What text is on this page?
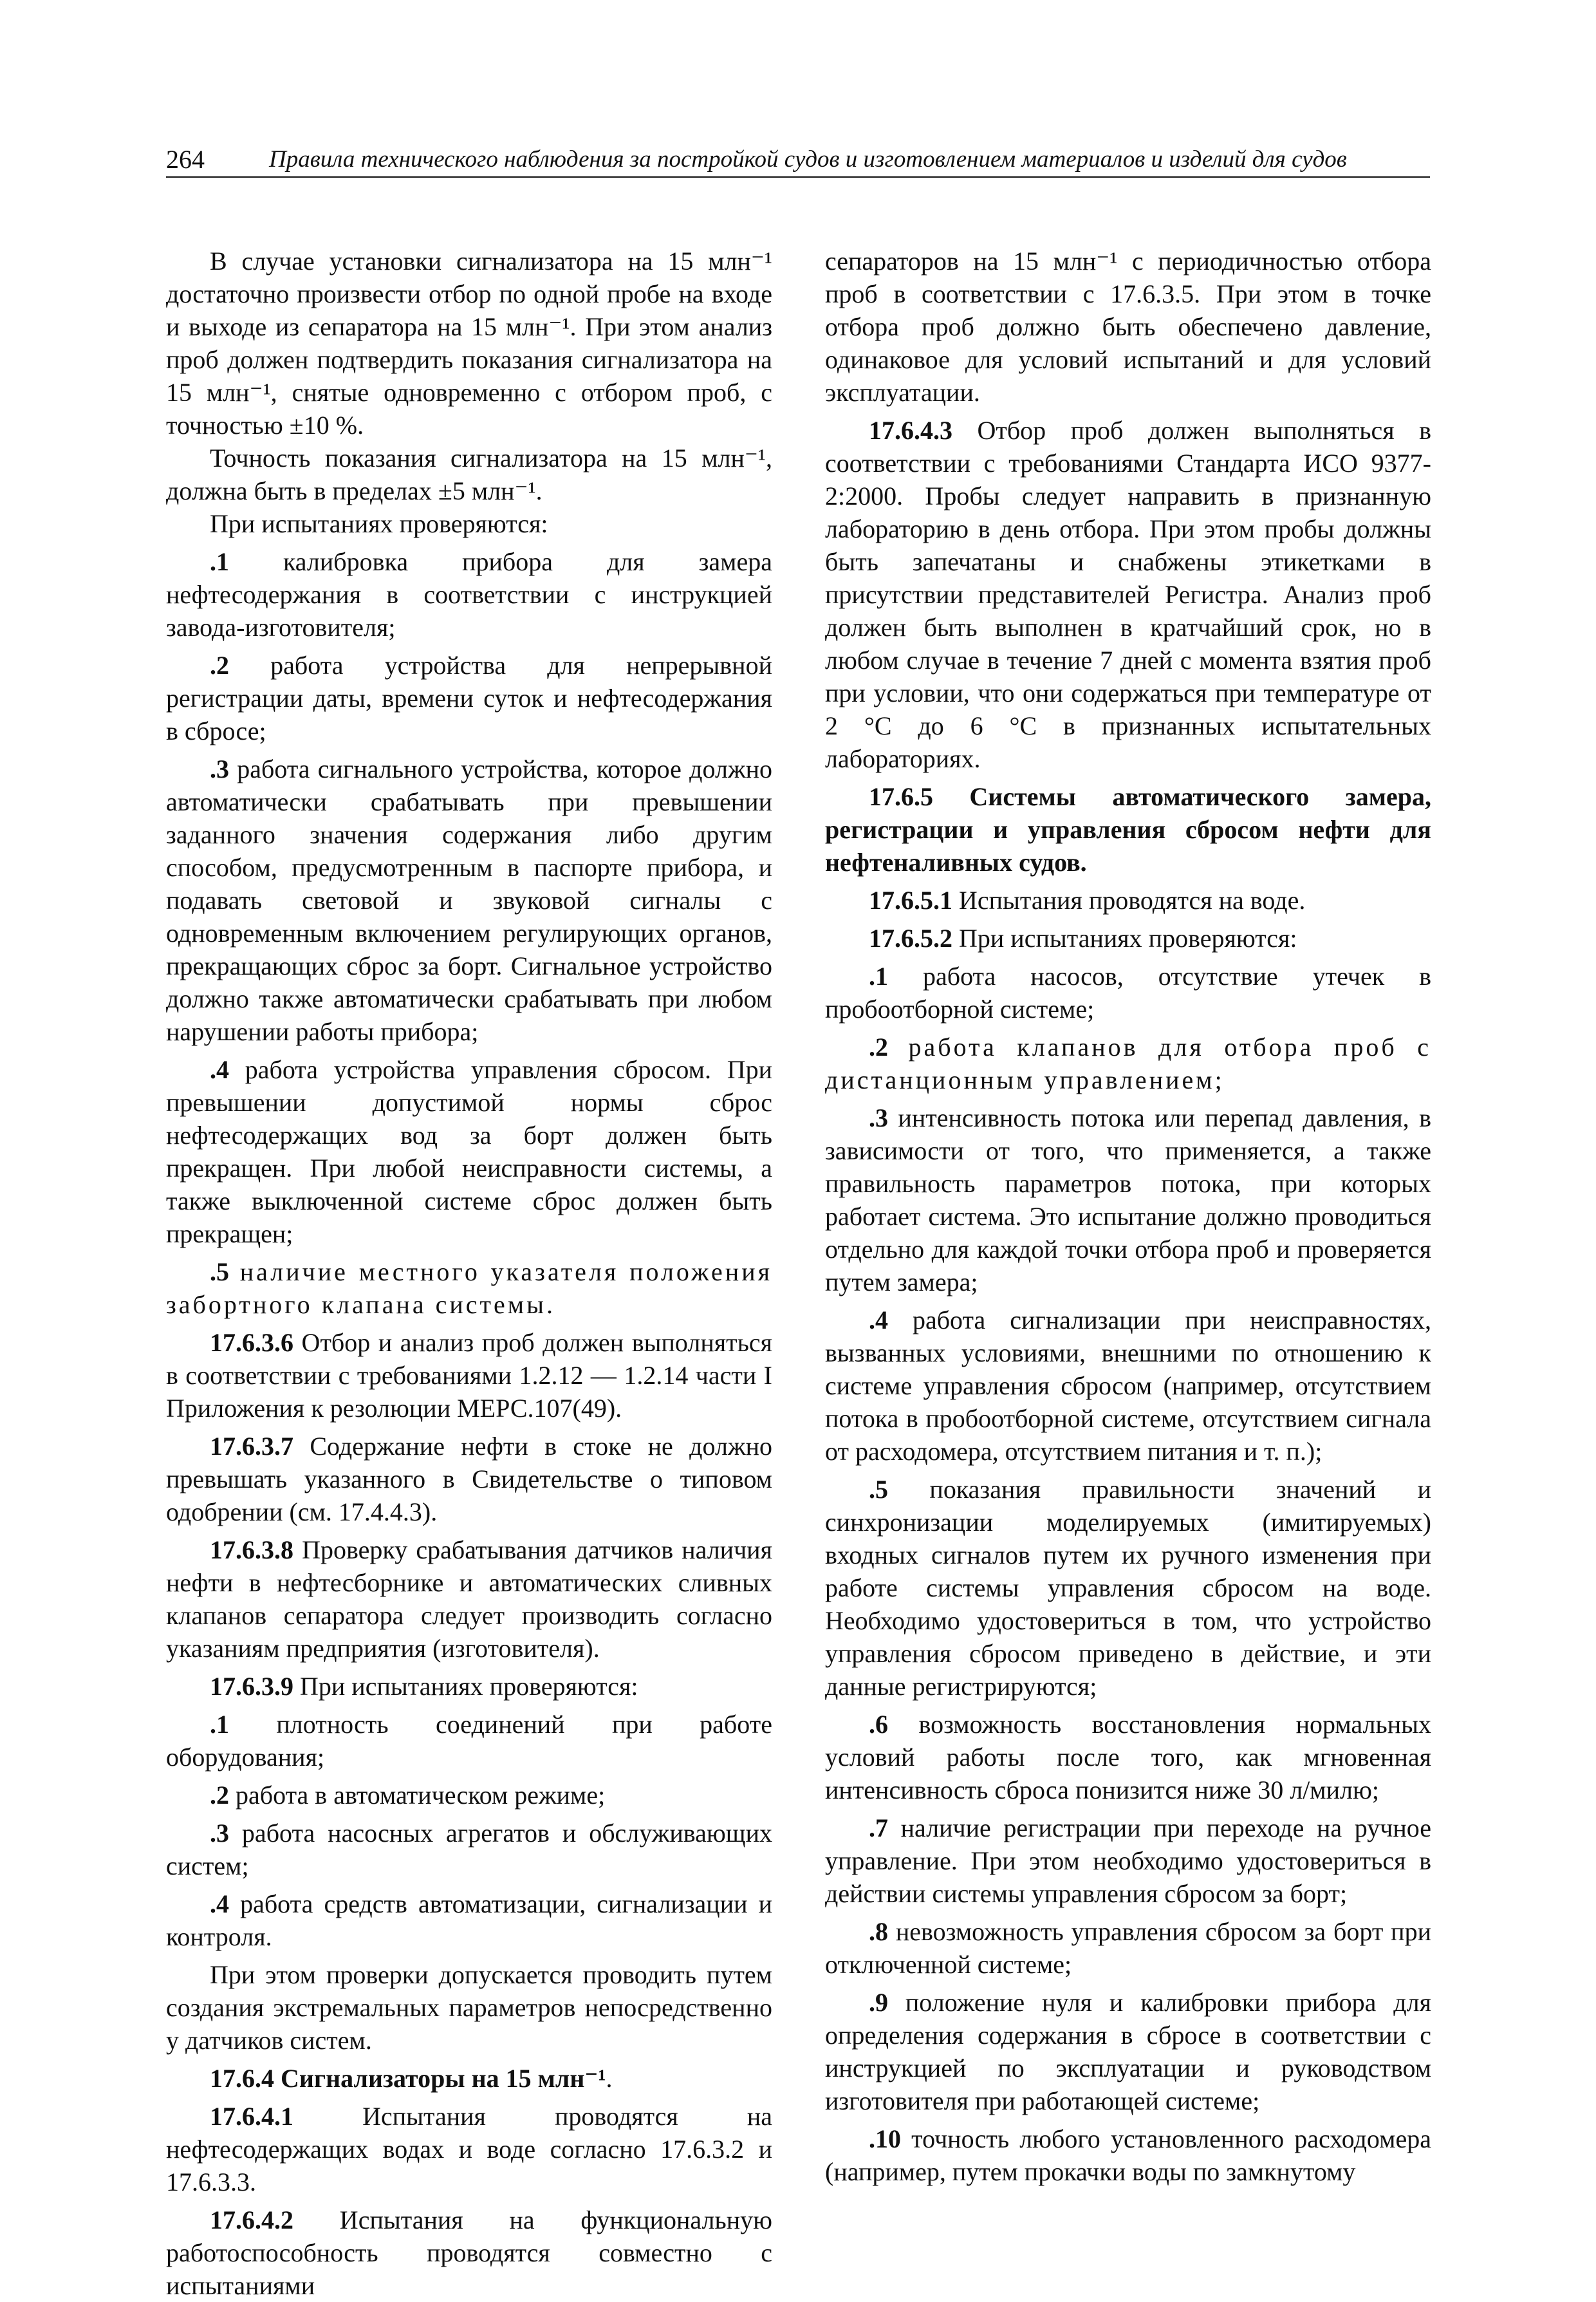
264	Правила технического наблюдения за постройкой судов и изготовлением материалов и изделий для судов

В случае установки сигнализатора на 15 млн⁻¹ достаточно произвести отбор по одной пробе на входе и выходе из сепаратора на 15 млн⁻¹. При этом анализ проб должен подтвердить показания сигнализатора на 15 млн⁻¹, снятые одновременно с отбором проб, с точностью ±10 %.

Точность показания сигнализатора на 15 млн⁻¹, должна быть в пределах ±5 млн⁻¹.

При испытаниях проверяются:

.1 калибровка прибора для замера нефтесодержания в соответствии с инструкцией завода-изготовителя;

.2 работа устройства для непрерывной регистрации даты, времени суток и нефтесодержания в сбросе;

.3 работа сигнального устройства, которое должно автоматически срабатывать при превышении заданного значения содержания либо другим способом, предусмотренным в паспорте прибора, и подавать световой и звуковой сигналы с одновременным включением регулирующих органов, прекращающих сброс за борт. Сигнальное устройство должно также автоматически срабатывать при любом нарушении работы прибора;

.4 работа устройства управления сбросом. При превышении допустимой нормы сброс нефтесодержащих вод за борт должен быть прекращен. При любой неисправности системы, а также выключенной системе сброс должен быть прекращен;

.5 наличие местного указателя положения забортного клапана системы.

17.6.3.6 Отбор и анализ проб должен выполняться в соответствии с требованиями 1.2.12 — 1.2.14 части I Приложения к резолюции МЕРС.107(49).

17.6.3.7 Содержание нефти в стоке не должно превышать указанного в Свидетельстве о типовом одобрении (см. 17.4.4.3).

17.6.3.8 Проверку срабатывания датчиков наличия нефти в нефтесборнике и автоматических сливных клапанов сепаратора следует производить согласно указаниям предприятия (изготовителя).

17.6.3.9 При испытаниях проверяются:

.1 плотность соединений при работе оборудования;

.2 работа в автоматическом режиме;

.3 работа насосных агрегатов и обслуживающих систем;

.4 работа средств автоматизации, сигнализации и контроля.

При этом проверки допускается проводить путем создания экстремальных параметров непосредственно у датчиков систем.

17.6.4 Сигнализаторы на 15 млн⁻¹.

17.6.4.1 Испытания проводятся на нефтесодержащих водах и воде согласно 17.6.3.2 и 17.6.3.3.

17.6.4.2 Испытания на функциональную работоспособность проводятся совместно с испытаниями

сепараторов на 15 млн⁻¹ с периодичностью отбора проб в соответствии с 17.6.3.5. При этом в точке отбора проб должно быть обеспечено давление, одинаковое для условий испытаний и для условий эксплуатации.

17.6.4.3 Отбор проб должен выполняться в соответствии с требованиями Стандарта ИСО 9377-2:2000. Пробы следует направить в признанную лабораторию в день отбора. При этом пробы должны быть запечатаны и снабжены этикетками в присутствии представителей Регистра. Анализ проб должен быть выполнен в кратчайший срок, но в любом случае в течение 7 дней с момента взятия проб при условии, что они содержаться при температуре от 2 °С до 6 °С в признанных испытательных лабораториях.

17.6.5 Системы автоматического замера, регистрации и управления сбросом нефти для нефтеналивных судов.

17.6.5.1 Испытания проводятся на воде.

17.6.5.2 При испытаниях проверяются:

.1 работа насосов, отсутствие утечек в пробоотборной системе;

.2 работа клапанов для отбора проб с дистанционным управлением;

.3 интенсивность потока или перепад давления, в зависимости от того, что применяется, а также правильность параметров потока, при которых работает система. Это испытание должно проводиться отдельно для каждой точки отбора проб и проверяется путем замера;

.4 работа сигнализации при неисправностях, вызванных условиями, внешними по отношению к системе управления сбросом (например, отсутствием потока в пробоотборной системе, отсутствием сигнала от расходомера, отсутствием питания и т. п.);

.5 показания правильности значений и синхронизации моделируемых (имитируемых) входных сигналов путем их ручного изменения при работе системы управления сбросом на воде. Необходимо удостовериться в том, что устройство управления сбросом приведено в действие, и эти данные регистрируются;

.6 возможность восстановления нормальных условий работы после того, как мгновенная интенсивность сброса понизится ниже 30 л/милю;

.7 наличие регистрации при переходе на ручное управление. При этом необходимо удостовериться в действии системы управления сбросом за борт;

.8 невозможность управления сбросом за борт при отключенной системе;

.9 положение нуля и калибровки прибора для определения содержания в сбросе в соответствии с инструкцией по эксплуатации и руководством изготовителя при работающей системе;

.10 точность любого установленного расходомера (например, путем прокачки воды по замкнутому
